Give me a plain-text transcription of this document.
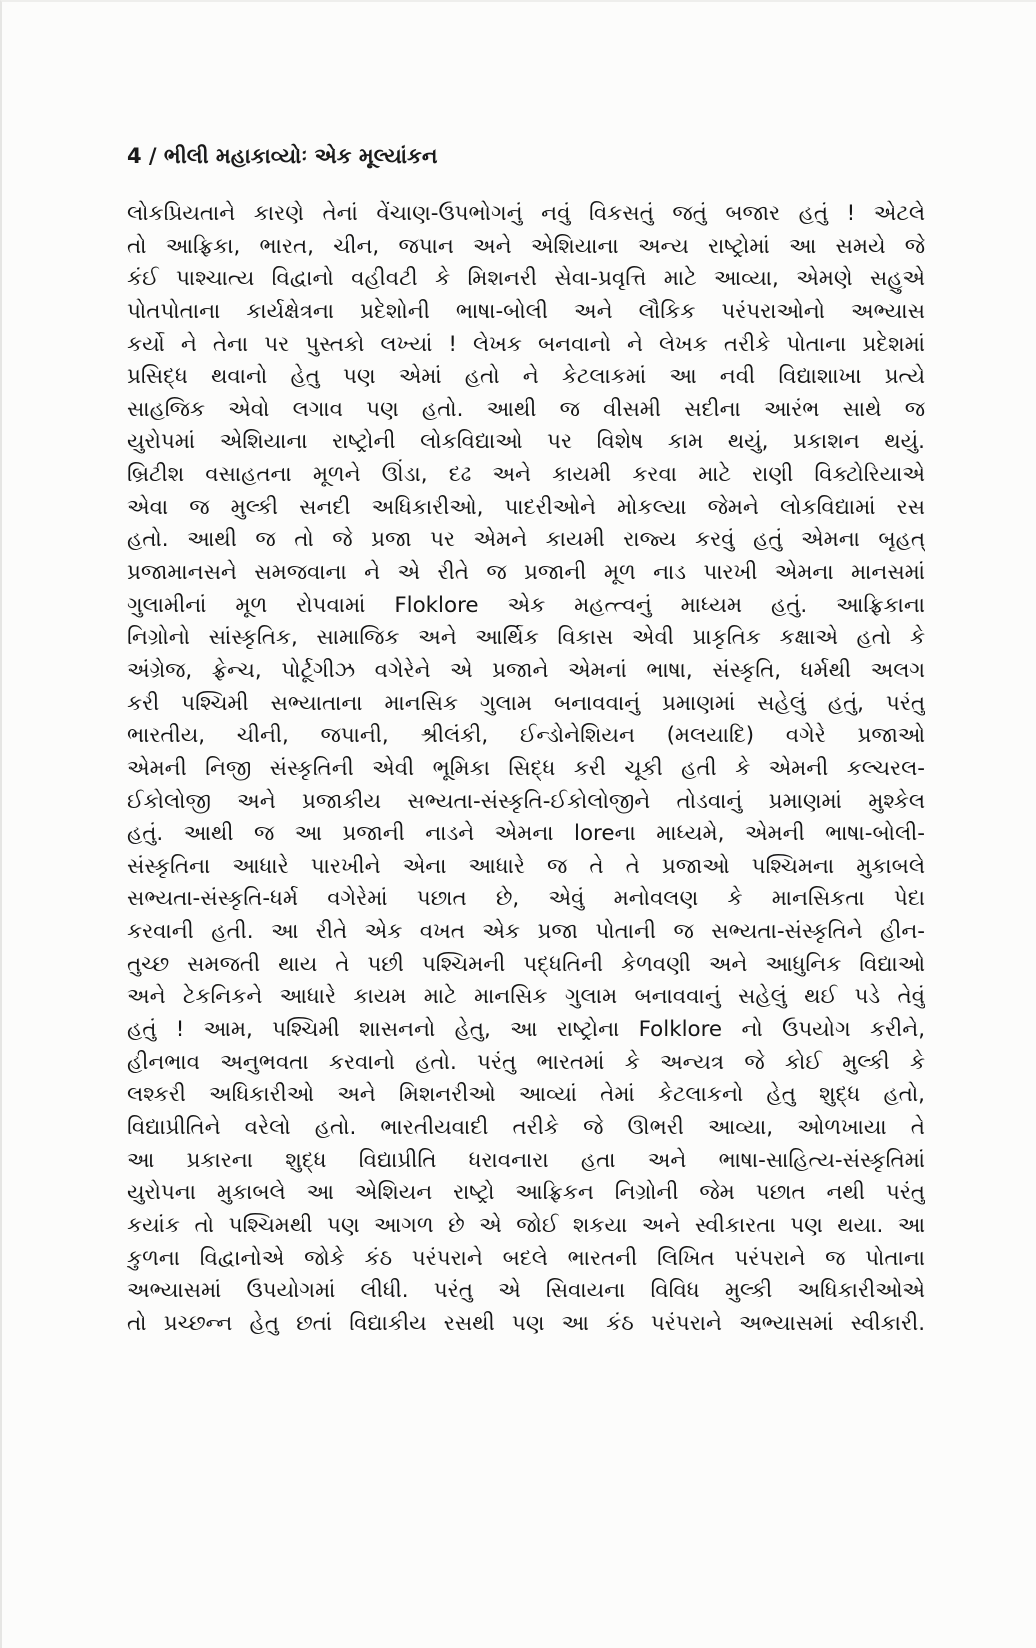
4 / ભીલી મહાકાવ્યોઃ એક મૂલ્યાંકન
લોકપ્રિયતાને કારણે તેનાં વેંચાણ-ઉપભોગનું નવું વિકસતું જતું બજાર હતું ! એટલે
તો આફ્રિકા, ભારત, ચીન, જપાન અને એશિયાના અન્ય રાષ્ટ્રોમાં આ સમયે જે
કંઈ પાશ્ચાત્ય વિદ્વાનો વહીવટી કે મિશનરી સેવા-પ્રવૃત્તિ માટે આવ્યા, એમણે સહુએ
પોતપોતાના કાર્યક્ષેત્રના પ્રદેશોની ભાષા-બોલી અને લૌકિક પરંપરાઓનો અભ્યાસ
કર્યો ને તેના પર પુસ્તકો લખ્યાં ! લેખક બનવાનો ને લેખક તરીકે પોતાના પ્રદેશમાં
પ્રસિદ્ધ થવાનો હેતુ પણ એમાં હતો ને કેટલાકમાં આ નવી વિદ્યાશાખા પ્રત્યે
સાહજિક એવો લગાવ પણ હતો. આથી જ વીસમી સદીના આરંભ સાથે જ
યુરોપમાં એશિયાના રાષ્ટ્રોની લોકવિદ્યાઓ પર વિશેષ કામ થયું, પ્રકાશન થયું.
બ્રિટીશ વસાહતના મૂળને ઊંડા, દઢ અને કાયમી કરવા માટે રાણી વિક્ટોરિયાએ
એવા જ મુલ્કી સનદી અધિકારીઓ, પાદરીઓને મોકલ્યા જેમને લોકવિદ્યામાં રસ
હતો. આથી જ તો જે પ્રજા પર એમને કાયમી રાજ્ય કરવું હતું એમના બૃહત્
પ્રજામાનસને સમજવાના ને એ રીતે જ પ્રજાની મૂળ નાડ પારખી એમના માનસમાં
ગુલામીનાં મૂળ રોપવામાં Floklore એક મહત્ત્વનું માધ્યમ હતું. આફ્રિકાના
નિગ્રોનો સાંસ્કૃતિક, સામાજિક અને આર્થિક વિકાસ એવી પ્રાકૃતિક કક્ષાએ હતો કે
અંગ્રેજ, ફ્રેન્ચ, પોર્ટૂગીઝ વગેરેને એ પ્રજાને એમનાં ભાષા, સંસ્કૃતિ, ધર્મથી અલગ
કરી પશ્ચિમી સભ્યાતાના માનસિક ગુલામ બનાવવાનું પ્રમાણમાં સહેલું હતું, પરંતુ
ભારતીય, ચીની, જપાની, શ્રીલંકી, ઈન્ડોનેશિયન (મલયાદિ) વગેરે પ્રજાઓ
એમની નિજી સંસ્કૃતિની એવી ભૂમિકા સિદ્ધ કરી ચૂકી હતી કે એમની કલ્ચરલ-
ઈકોલોજી અને પ્રજાકીય સભ્યતા-સંસ્કૃતિ-ઈકોલોજીને તોડવાનું પ્રમાણમાં મુશ્કેલ
હતું. આથી જ આ પ્રજાની નાડને એમના loreના માધ્યમે, એમની ભાષા-બોલી-
સંસ્કૃતિના આધારે પારખીને એના આધારે જ તે તે પ્રજાઓ પશ્ચિમના મુકાબલે
સભ્યતા-સંસ્કૃતિ-ધર્મ વગેરેમાં પછાત છે, એવું મનોવલણ કે માનસિકતા પેદા
કરવાની હતી. આ રીતે એક વખત એક પ્રજા પોતાની જ સભ્યતા-સંસ્કૃતિને હીન-
તુચ્છ સમજતી થાય તે પછી પશ્ચિમની પદ્ધતિની કેળવણી અને આધુનિક વિદ્યાઓ
અને ટેકનિકને આધારે કાયમ માટે માનસિક ગુલામ બનાવવાનું સહેલું થઈ પડે તેવું
હતું ! આમ, પશ્ચિમી શાસનનો હેતુ, આ રાષ્ટ્રોના Folklore નો ઉપયોગ કરીને,
હીનભાવ અનુભવતા કરવાનો હતો. પરંતુ ભારતમાં કે અન્યત્ર જે કોઈ મુલ્કી કે
લશ્કરી અધિકારીઓ અને મિશનરીઓ આવ્યાં તેમાં કેટલાકનો હેતુ શુદ્ધ હતો,
વિદ્યાપ્રીતિને વરેલો હતો. ભારતીયવાદી તરીકે જે ઊભરી આવ્યા, ઓળખાયા તે
આ પ્રકારના શુદ્ધ વિદ્યાપ્રીતિ ધરાવનારા હતા અને ભાષા-સાહિત્ય-સંસ્કૃતિમાં
યુરોપના મુકાબલે આ એશિયન રાષ્ટ્રો આફ્રિકન નિગ્રોની જેમ પછાત નથી પરંતુ
કયાંક તો પશ્ચિમથી પણ આગળ છે એ જોઈ શકયા અને સ્વીકારતા પણ થયા. આ
કુળના વિદ્વાનોએ જોકે કંઠ પરંપરાને બદલે ભારતની લિખિત પરંપરાને જ પોતાના
અભ્યાસમાં ઉપયોગમાં લીધી. પરંતુ એ સિવાયના વિવિધ મુલ્કી અધિકારીઓએ
તો પ્રચ્છન્ન હેતુ છતાં વિદ્યાકીય રસથી પણ આ કંઠ પરંપરાને અભ્યાસમાં સ્વીકારી.
